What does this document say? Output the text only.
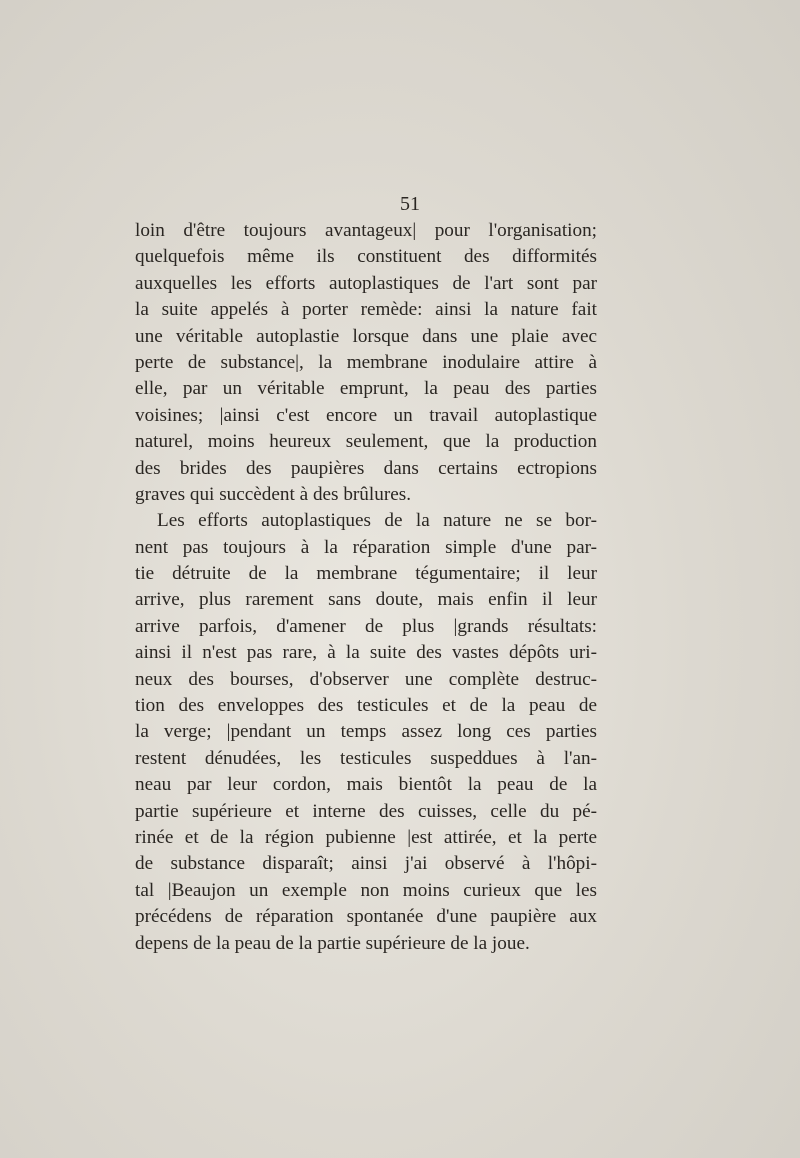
51
loin d'être toujours avantageux| pour l'organisation;
quelquefois même ils constituent des difformités
auxquelles les efforts autoplastiques de l'art sont par
la suite appelés à porter remède: ainsi la nature fait
une véritable autoplastie lorsque dans une plaie avec
perte de substance|, la membrane inodulaire attire à
elle, par un véritable emprunt, la peau des parties
voisines; |ainsi c'est encore un travail autoplastique
naturel, moins heureux seulement, que la production
des brides des paupières dans certains ectropions
graves qui succèdent à des brûlures.
Les efforts autoplastiques de la nature ne se bor-
nent pas toujours à la réparation simple d'une par-
tie détruite de la membrane tégumentaire; il leur
arrive, plus rarement sans doute, mais enfin il leur
arrive parfois, d'amener de plus |grands résultats:
ainsi il n'est pas rare, à la suite des vastes dépôts uri-
neux des bourses, d'observer une complète destruc-
tion des enveloppes des testicules et de la peau de
la verge; |pendant un temps assez long ces parties
restent dénudées, les testicules suspeddues à l'an-
neau par leur cordon, mais bientôt la peau de la
partie supérieure et interne des cuisses, celle du pé-
rinée et de la région pubienne |est attirée, et la perte
de substance disparaît; ainsi j'ai observé à l'hôpi-
tal |Beaujon un exemple non moins curieux que les
précédens de réparation spontanée d'une paupière aux
depens de la peau de la partie supérieure de la joue.
